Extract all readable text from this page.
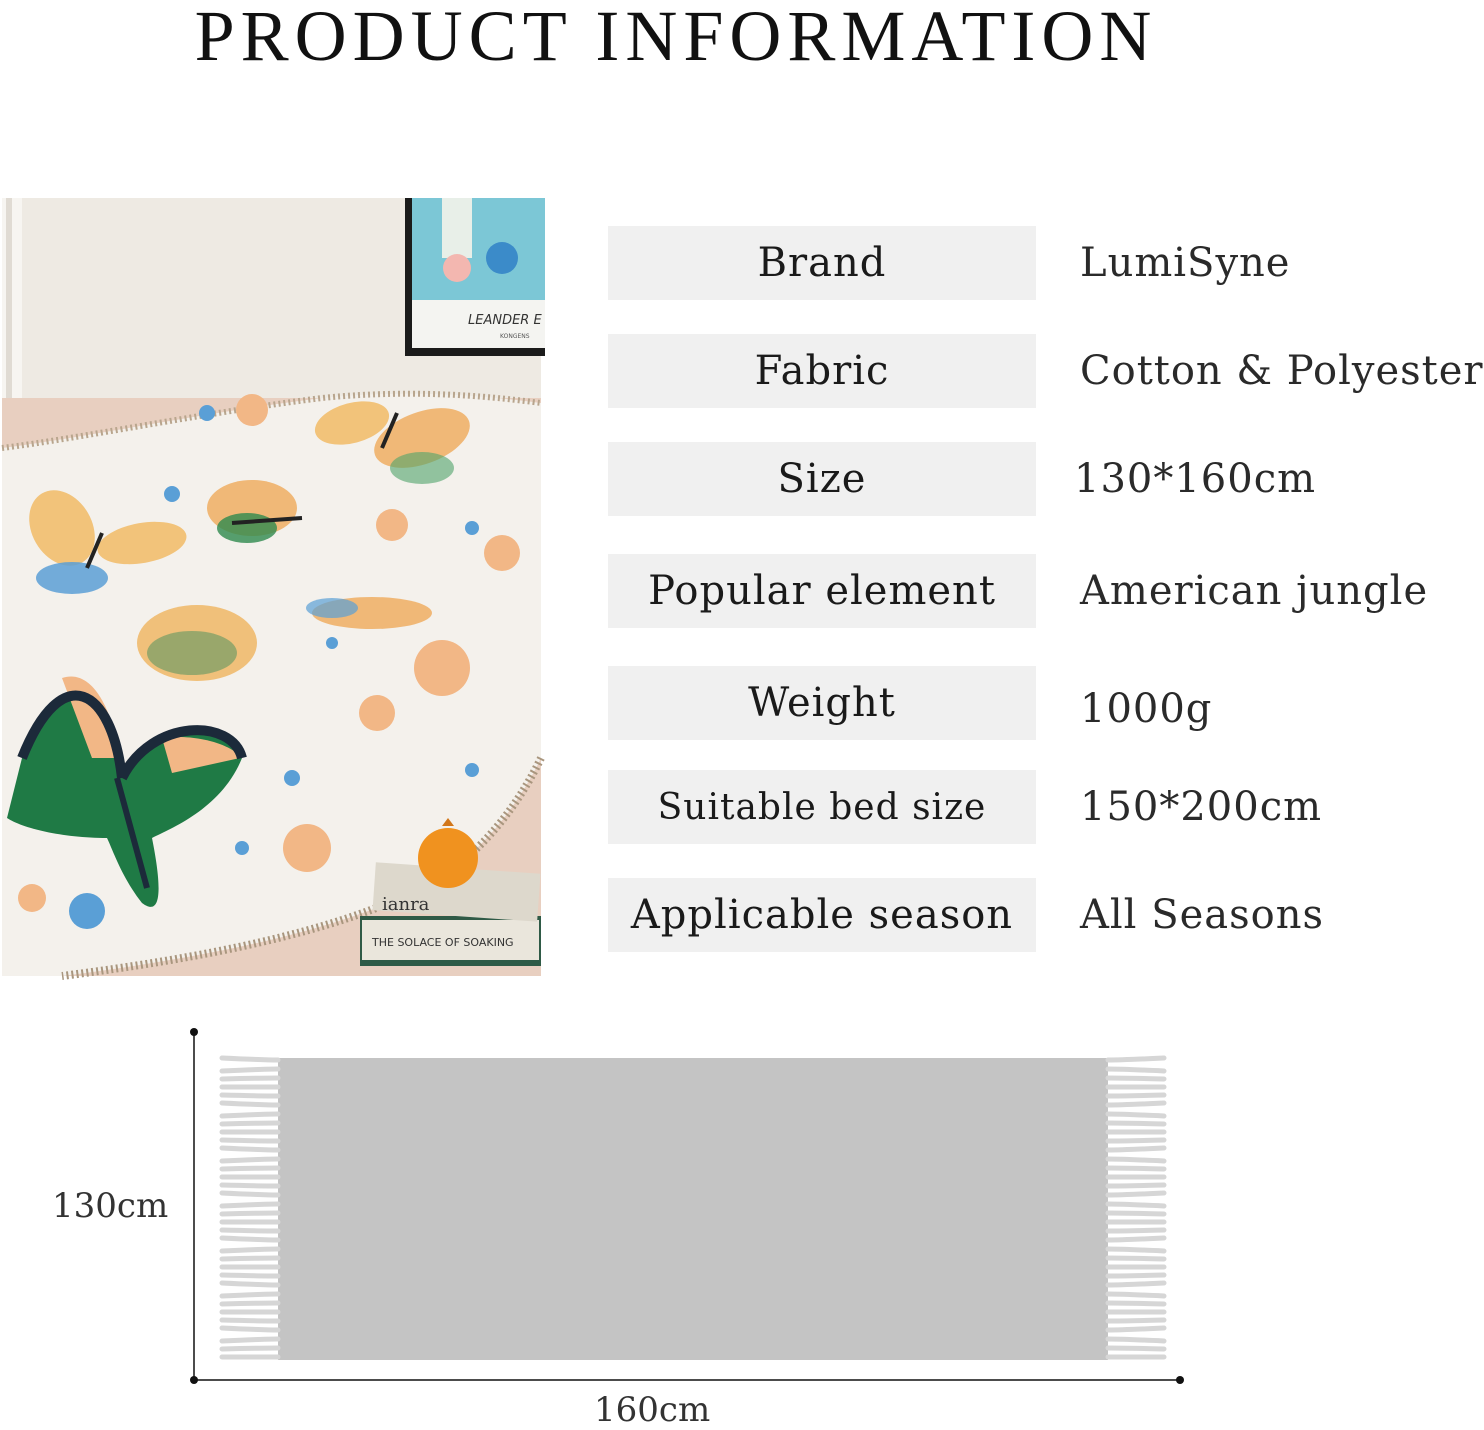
PRODUCT INFORMATION
LEANDER E
KONGENS
THE SOLACE OF SOAKING
ianra
Brand	LumiSyne
Fabric	Cotton & Polyester
Size	130*160cm
Popular element	American jungle
Weight	1000g
Suitable bed size	150*200cm
Applicable season	All Seasons
130cm
160cm
